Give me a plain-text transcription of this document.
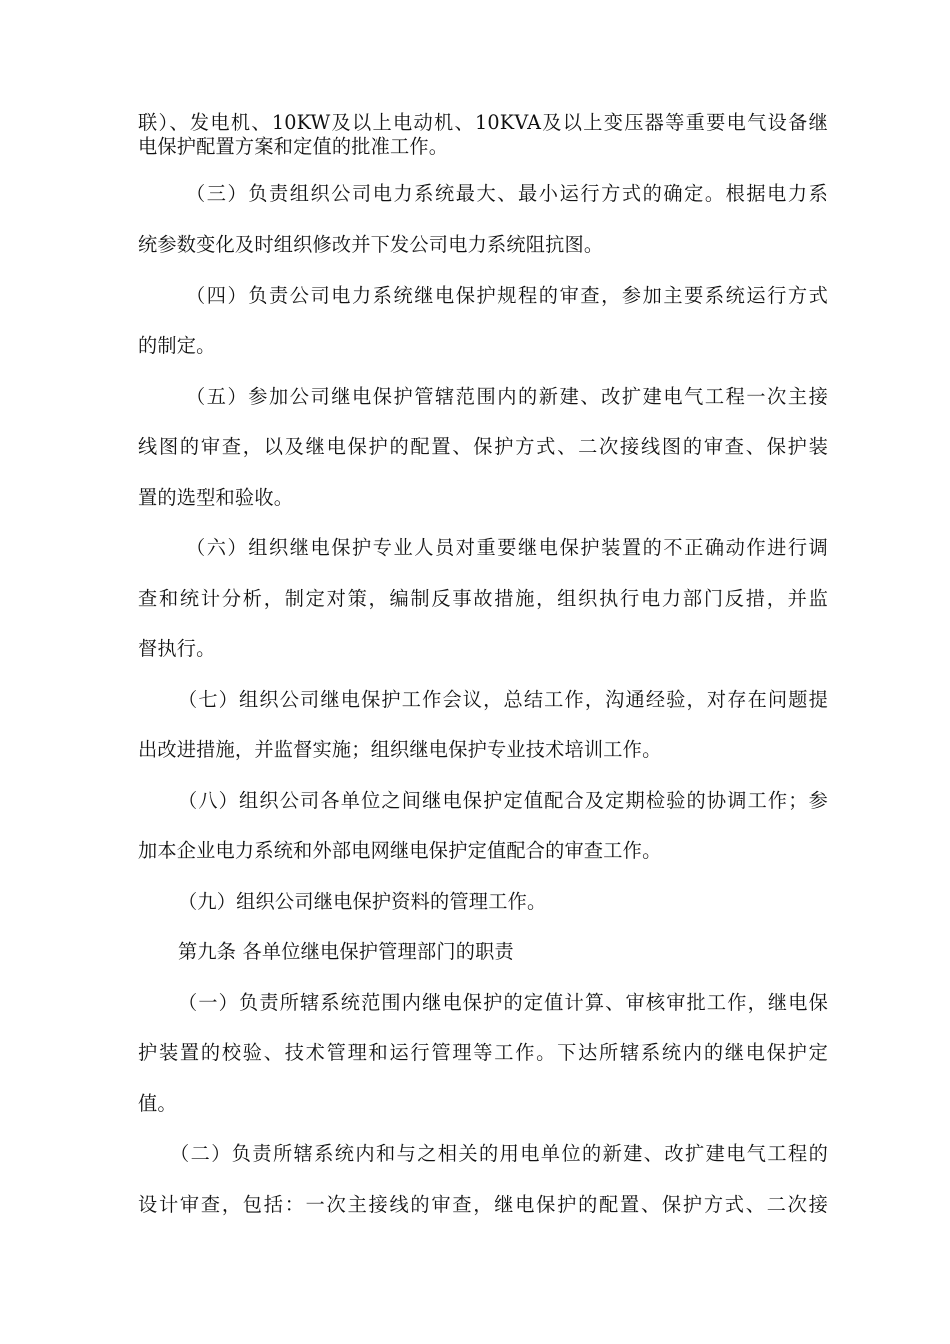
联）、发电机、10KW及以上电动机、10KVA及以上变压器等重要电气设备继
电保护配置方案和定值的批准工作。
（三）负责组织公司电力系统最大、最小运行方式的确定。根据电力系
统参数变化及时组织修改并下发公司电力系统阻抗图。
（四）负责公司电力系统继电保护规程的审查，参加主要系统运行方式
的制定。
（五）参加公司继电保护管辖范围内的新建、改扩建电气工程一次主接
线图的审查，以及继电保护的配置、保护方式、二次接线图的审查、保护装
置的选型和验收。
（六）组织继电保护专业人员对重要继电保护装置的不正确动作进行调
查和统计分析，制定对策，编制反事故措施，组织执行电力部门反措，并监
督执行。
（七）组织公司继电保护工作会议，总结工作，沟通经验，对存在问题提
出改进措施，并监督实施；组织继电保护专业技术培训工作。
（八）组织公司各单位之间继电保护定值配合及定期检验的协调工作；参
加本企业电力系统和外部电网继电保护定值配合的审查工作。
（九）组织公司继电保护资料的管理工作。
第九条 各单位继电保护管理部门的职责
（一）负责所辖系统范围内继电保护的定值计算、审核审批工作，继电保
护装置的校验、技术管理和运行管理等工作。下达所辖系统内的继电保护定
值。
（二）负责所辖系统内和与之相关的用电单位的新建、改扩建电气工程的
设计审查，包括：一次主接线的审查，继电保护的配置、保护方式、二次接
